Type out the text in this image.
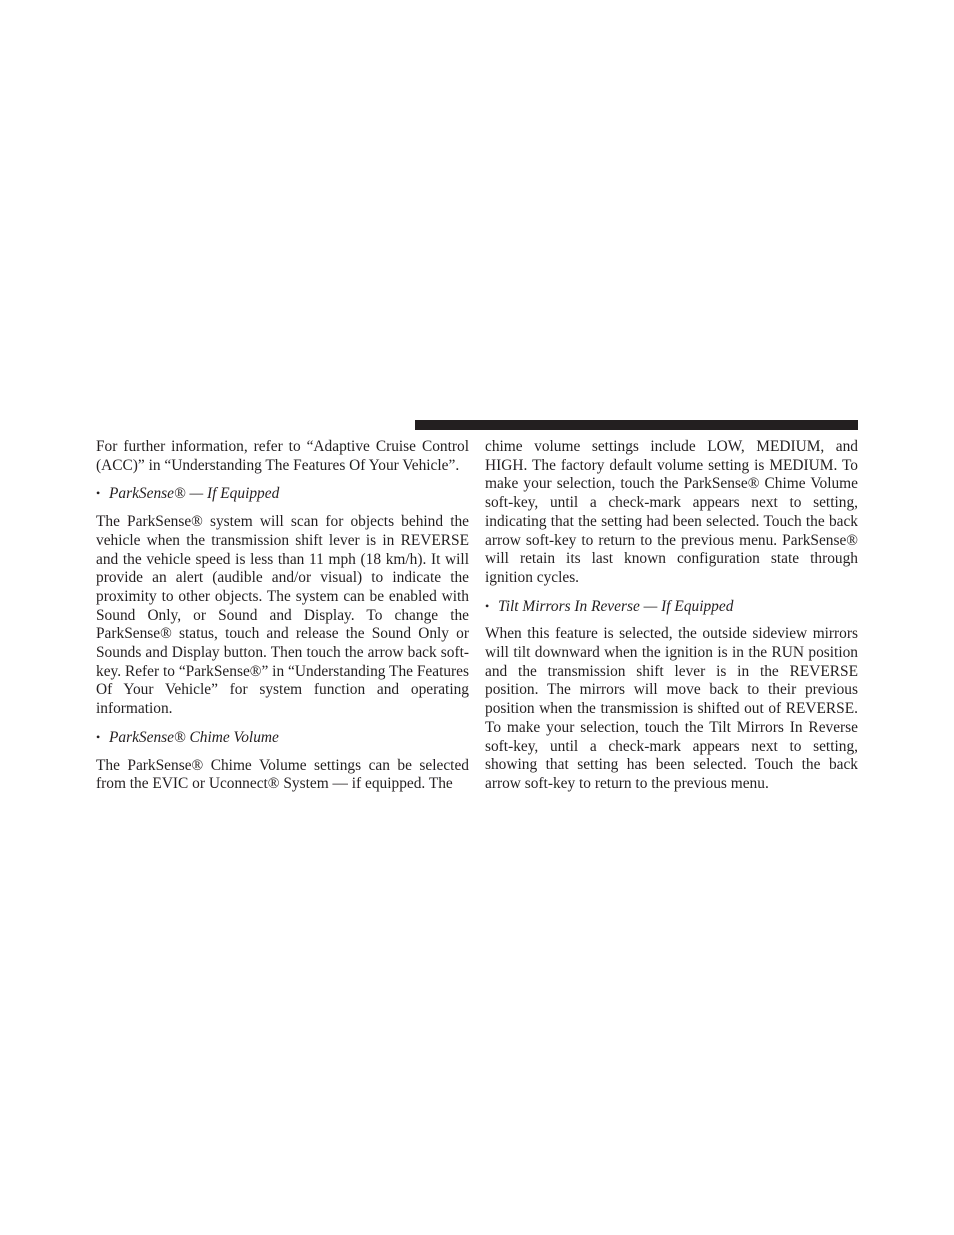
For further information, refer to “Adaptive Cruise Control (ACC)” in “Understanding The Features Of Your Vehicle”.

• ParkSense® — If Equipped

The ParkSense® system will scan for objects behind the vehicle when the transmission shift lever is in REVERSE and the vehicle speed is less than 11 mph (18 km/h). It will provide an alert (audible and/or visual) to indicate the proximity to other objects. The system can be enabled with Sound Only, or Sound and Display. To change the ParkSense® status, touch and release the Sound Only or Sounds and Display button. Then touch the arrow back soft-key. Refer to “ParkSense®” in “Understanding The Features Of Your Vehicle” for system function and operating information.

• ParkSense® Chime Volume

The ParkSense® Chime Volume settings can be selected from the EVIC or Uconnect® System — if equipped. The

chime volume settings include LOW, MEDIUM, and HIGH. The factory default volume setting is MEDIUM. To make your selection, touch the ParkSense® Chime Volume soft-key, until a check-mark appears next to setting, indicating that the setting had been selected. Touch the back arrow soft-key to return to the previous menu. ParkSense® will retain its last known configuration state through ignition cycles.

• Tilt Mirrors In Reverse — If Equipped

When this feature is selected, the outside sideview mirrors will tilt downward when the ignition is in the RUN position and the transmission shift lever is in the REVERSE position. The mirrors will move back to their previous position when the transmission is shifted out of REVERSE. To make your selection, touch the Tilt Mirrors In Reverse soft-key, until a check-mark appears next to setting, showing that setting has been selected. Touch the back arrow soft-key to return to the previous menu.
